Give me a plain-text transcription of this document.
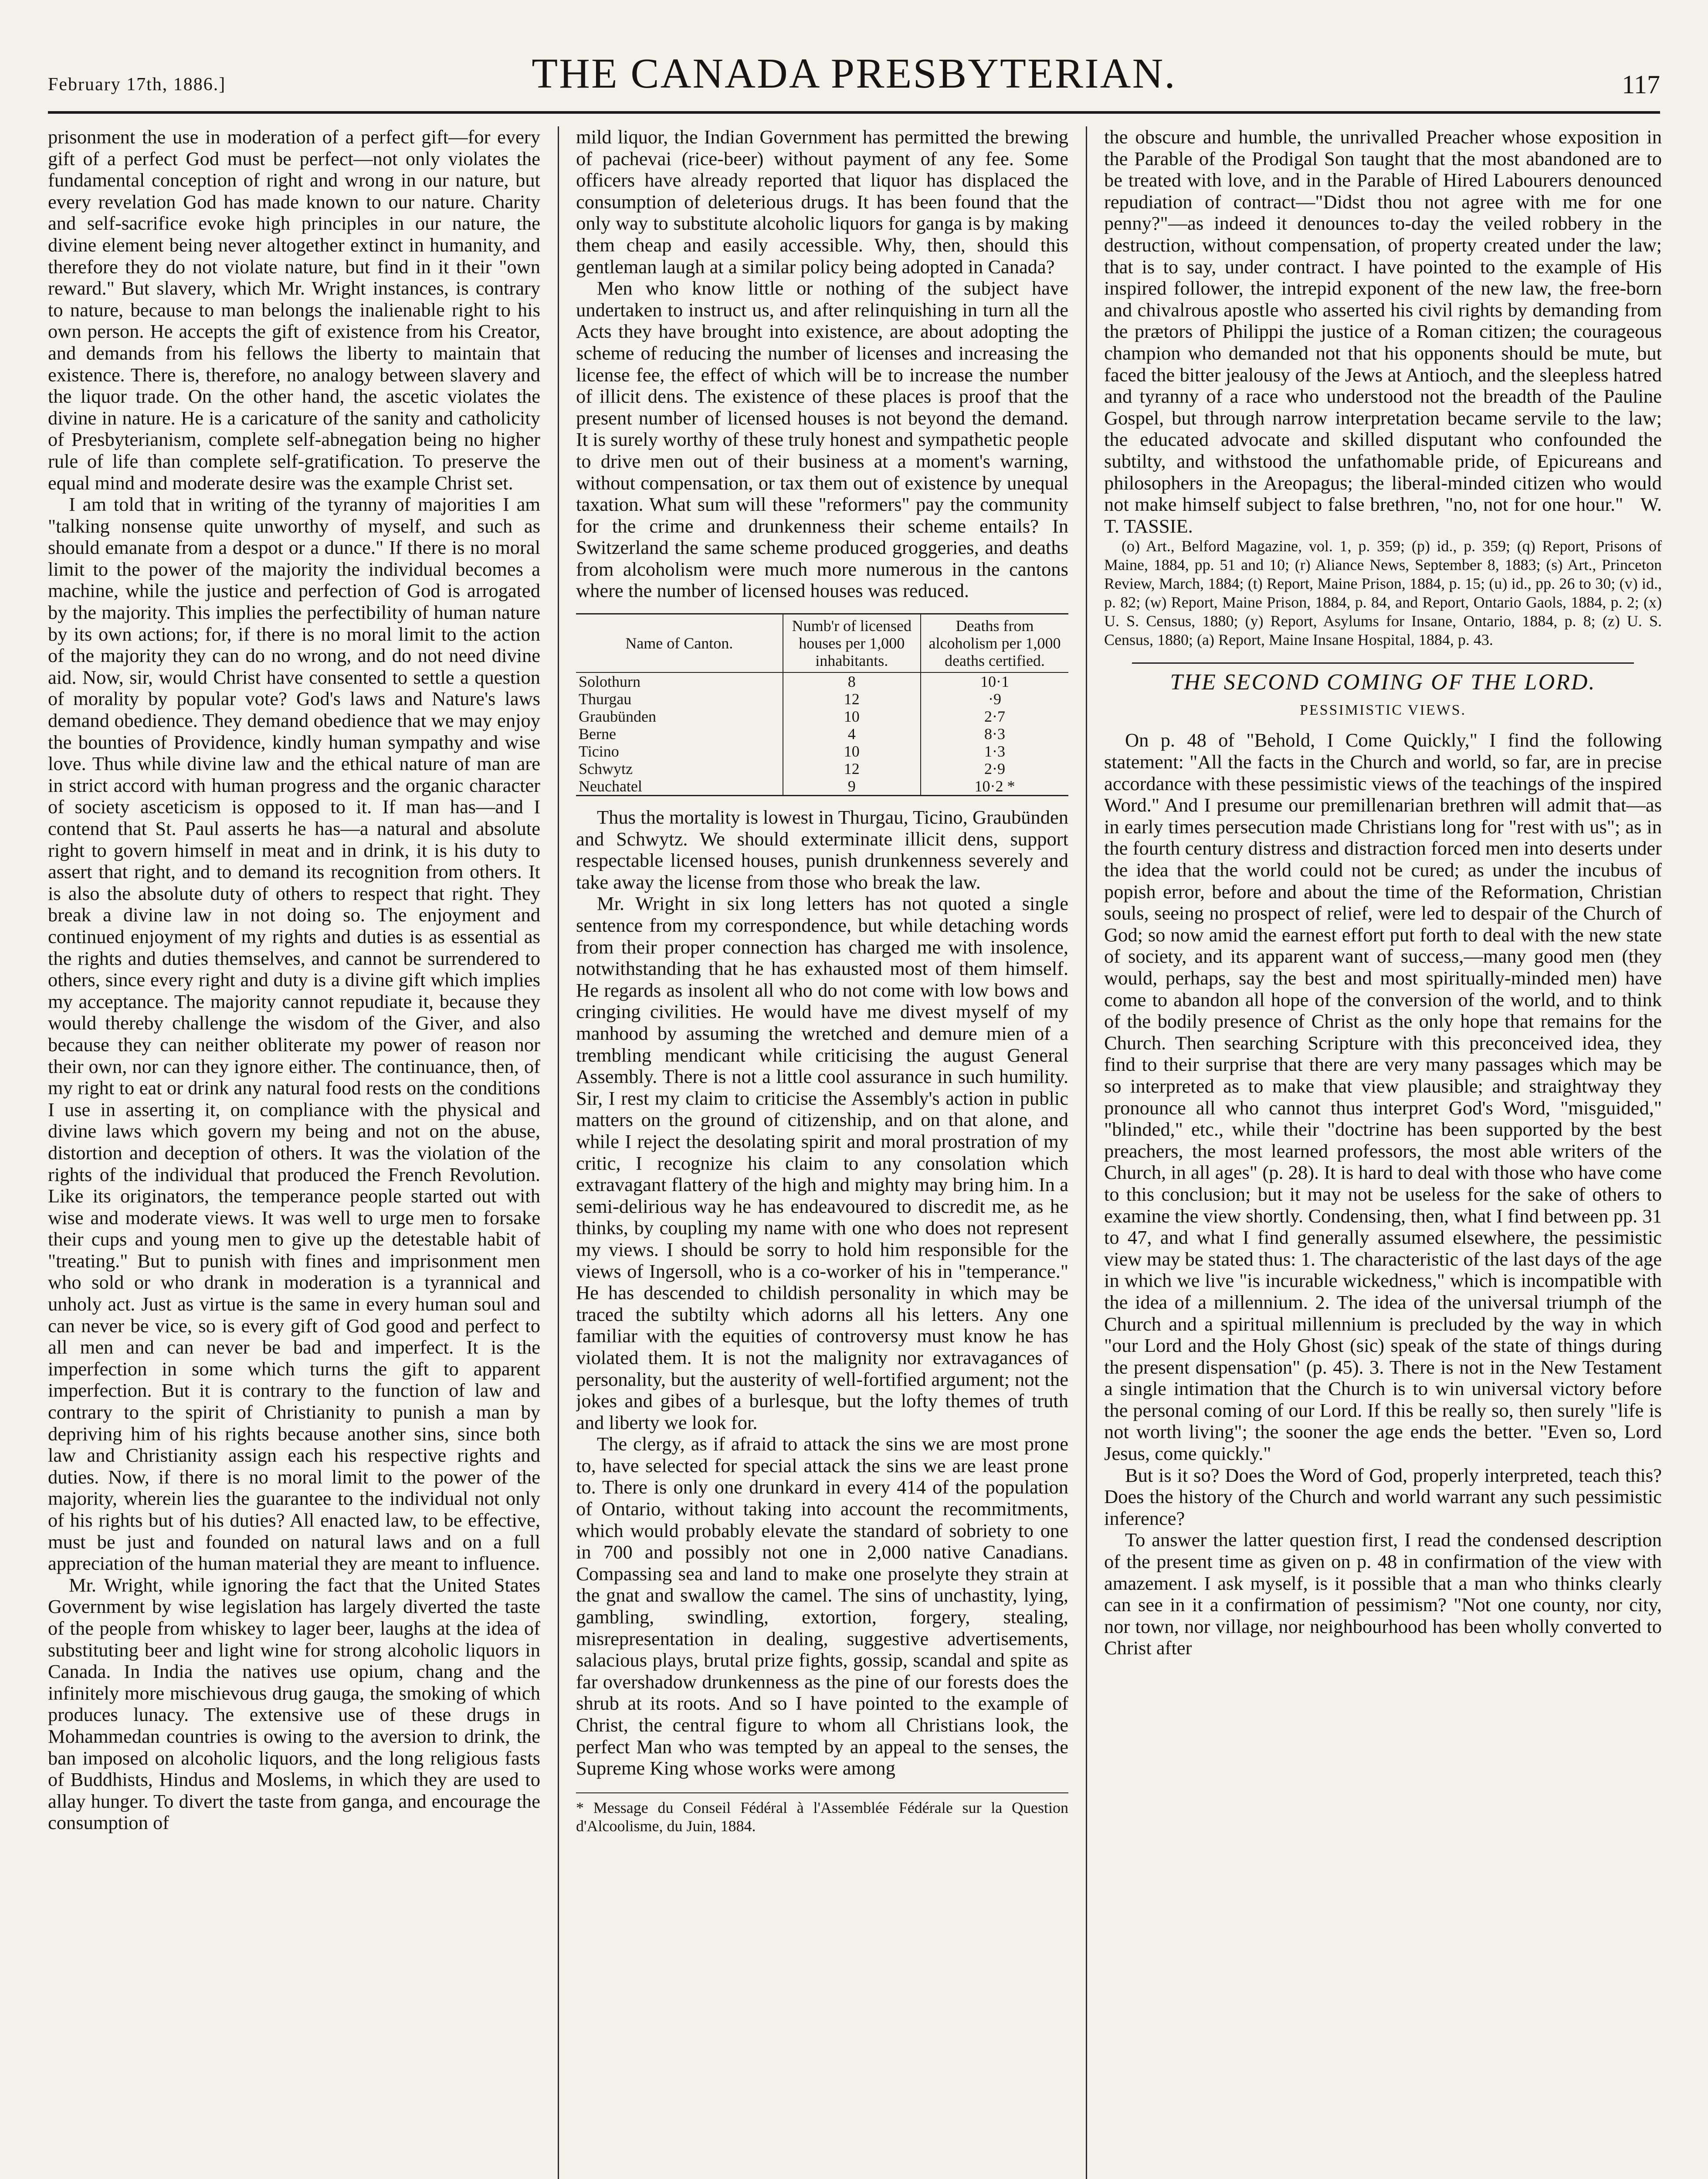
February 17th, 1886.]	THE CANADA PRESBYTERIAN.	117

prisonment the use in moderation of a perfect gift—for every gift of a perfect God must be perfect—not only violates the fundamental conception of right and wrong in our nature, but every revelation God has made known to our nature. Charity and self-sacrifice evoke high principles in our nature, the divine element being never altogether extinct in humanity, and therefore they do not violate nature, but find in it their "own reward." But slavery, which Mr. Wright instances, is contrary to nature, because to man belongs the inalienable right to his own person. He accepts the gift of existence from his Creator, and demands from his fellows the liberty to maintain that existence. There is, therefore, no analogy between slavery and the liquor trade. On the other hand, the ascetic violates the divine in nature. He is a caricature of the sanity and catholicity of Presbyterianism, complete self-abnegation being no higher rule of life than complete self-gratification. To preserve the equal mind and moderate desire was the example Christ set.

I am told that in writing of the tyranny of majorities I am "talking nonsense quite unworthy of myself, and such as should emanate from a despot or a dunce." If there is no moral limit to the power of the majority the individual becomes a machine, while the justice and perfection of God is arrogated by the majority. This implies the perfectibility of human nature by its own actions; for, if there is no moral limit to the action of the majority they can do no wrong, and do not need divine aid. Now, sir, would Christ have consented to settle a question of morality by popular vote? God's laws and Nature's laws demand obedience. They demand obedience that we may enjoy the bounties of Providence, kindly human sympathy and wise love. Thus while divine law and the ethical nature of man are in strict accord with human progress and the organic character of society asceticism is opposed to it. If man has—and I contend that St. Paul asserts he has—a natural and absolute right to govern himself in meat and in drink, it is his duty to assert that right, and to demand its recognition from others. It is also the absolute duty of others to respect that right. They break a divine law in not doing so. The enjoyment and continued enjoyment of my rights and duties is as essential as the rights and duties themselves, and cannot be surrendered to others, since every right and duty is a divine gift which implies my acceptance. The majority cannot repudiate it, because they would thereby challenge the wisdom of the Giver, and also because they can neither obliterate my power of reason nor their own, nor can they ignore either. The continuance, then, of my right to eat or drink any natural food rests on the conditions I use in asserting it, on compliance with the physical and divine laws which govern my being and not on the abuse, distortion and deception of others. It was the violation of the rights of the individual that produced the French Revolution. Like its originators, the temperance people started out with wise and moderate views. It was well to urge men to forsake their cups and young men to give up the detestable habit of "treating." But to punish with fines and imprisonment men who sold or who drank in moderation is a tyrannical and unholy act. Just as virtue is the same in every human soul and can never be vice, so is every gift of God good and perfect to all men and can never be bad and imperfect. It is the imperfection in some which turns the gift to apparent imperfection. But it is contrary to the function of law and contrary to the spirit of Christianity to punish a man by depriving him of his rights because another sins, since both law and Christianity assign each his respective rights and duties. Now, if there is no moral limit to the power of the majority, wherein lies the guarantee to the individual not only of his rights but of his duties? All enacted law, to be effective, must be just and founded on natural laws and on a full appreciation of the human material they are meant to influence.

Mr. Wright, while ignoring the fact that the United States Government by wise legislation has largely diverted the taste of the people from whiskey to lager beer, laughs at the idea of substituting beer and light wine for strong alcoholic liquors in Canada. In India the natives use opium, chang and the infinitely more mischievous drug gauga, the smoking of which produces lunacy. The extensive use of these drugs in Mohammedan countries is owing to the aversion to drink, the ban imposed on alcoholic liquors, and the long religious fasts of Buddhists, Hindus and Moslems, in which they are used to allay hunger. To divert the taste from ganga, and encourage the consumption of

mild liquor, the Indian Government has permitted the brewing of pachevai (rice-beer) without payment of any fee. Some officers have already reported that liquor has displaced the consumption of deleterious drugs. It has been found that the only way to substitute alcoholic liquors for ganga is by making them cheap and easily accessible. Why, then, should this gentleman laugh at a similar policy being adopted in Canada?

Men who know little or nothing of the subject have undertaken to instruct us, and after relinquishing in turn all the Acts they have brought into existence, are about adopting the scheme of reducing the number of licenses and increasing the license fee, the effect of which will be to increase the number of illicit dens. The existence of these places is proof that the present number of licensed houses is not beyond the demand. It is surely worthy of these truly honest and sympathetic people to drive men out of their business at a moment's warning, without compensation, or tax them out of existence by unequal taxation. What sum will these "reformers" pay the community for the crime and drunkenness their scheme entails? In Switzerland the same scheme produced groggeries, and deaths from alcoholism were much more numerous in the cantons where the number of licensed houses was reduced.

Name of Canton.	Numb'r of licensed houses per 1,000 inhabitants.	Deaths from alcoholism per 1,000 deaths certified.
Solothurn	8	10·1
Thurgau	12	·9
Graubünden	10	2·7
Berne	4	8·3
Ticino	10	1·3
Schwytz	12	2·9
Neuchatel	9	10·2 *

Thus the mortality is lowest in Thurgau, Ticino, Graubünden and Schwytz. We should exterminate illicit dens, support respectable licensed houses, punish drunkenness severely and take away the license from those who break the law.

Mr. Wright in six long letters has not quoted a single sentence from my correspondence, but while detaching words from their proper connection has charged me with insolence, notwithstanding that he has exhausted most of them himself. He regards as insolent all who do not come with low bows and cringing civilities. He would have me divest myself of my manhood by assuming the wretched and demure mien of a trembling mendicant while criticising the august General Assembly. There is not a little cool assurance in such humility. Sir, I rest my claim to criticise the Assembly's action in public matters on the ground of citizenship, and on that alone, and while I reject the desolating spirit and moral prostration of my critic, I recognize his claim to any consolation which extravagant flattery of the high and mighty may bring him. In a semi-delirious way he has endeavoured to discredit me, as he thinks, by coupling my name with one who does not represent my views. I should be sorry to hold him responsible for the views of Ingersoll, who is a co-worker of his in "temperance." He has descended to childish personality in which may be traced the subtilty which adorns all his letters. Any one familiar with the equities of controversy must know he has violated them. It is not the malignity nor extravagances of personality, but the austerity of well-fortified argument; not the jokes and gibes of a burlesque, but the lofty themes of truth and liberty we look for.

The clergy, as if afraid to attack the sins we are most prone to, have selected for special attack the sins we are least prone to. There is only one drunkard in every 414 of the population of Ontario, without taking into account the recommitments, which would probably elevate the standard of sobriety to one in 700 and possibly not one in 2,000 native Canadians. Compassing sea and land to make one proselyte they strain at the gnat and swallow the camel. The sins of unchastity, lying, gambling, swindling, extortion, forgery, stealing, misrepresentation in dealing, suggestive advertisements, salacious plays, brutal prize fights, gossip, scandal and spite as far overshadow drunkenness as the pine of our forests does the shrub at its roots. And so I have pointed to the example of Christ, the central figure to whom all Christians look, the perfect Man who was tempted by an appeal to the senses, the Supreme King whose works were among

* Message du Conseil Fédéral à l'Assemblée Fédérale sur la Question d'Alcoolisme, du Juin, 1884.

the obscure and humble, the unrivalled Preacher whose exposition in the Parable of the Prodigal Son taught that the most abandoned are to be treated with love, and in the Parable of Hired Labourers denounced repudiation of contract—"Didst thou not agree with me for one penny?"—as indeed it denounces to-day the veiled robbery in the destruction, without compensation, of property created under the law; that is to say, under contract. I have pointed to the example of His inspired follower, the intrepid exponent of the new law, the free-born and chivalrous apostle who asserted his civil rights by demanding from the prætors of Philippi the justice of a Roman citizen; the courageous champion who demanded not that his opponents should be mute, but faced the bitter jealousy of the Jews at Antioch, and the sleepless hatred and tyranny of a race who understood not the breadth of the Pauline Gospel, but through narrow interpretation became servile to the law; the educated advocate and skilled disputant who confounded the subtilty, and withstood the unfathomable pride, of Epicureans and philosophers in the Areopagus; the liberal-minded citizen who would not make himself subject to false brethren, "no, not for one hour." W. T. TASSIE.

(o) Art., Belford Magazine, vol. 1, p. 359; (p) id., p. 359; (q) Report, Prisons of Maine, 1884, pp. 51 and 10; (r) Aliance News, September 8, 1883; (s) Art., Princeton Review, March, 1884; (t) Report, Maine Prison, 1884, p. 15; (u) id., pp. 26 to 30; (v) id., p. 82; (w) Report, Maine Prison, 1884, p. 84, and Report, Ontario Gaols, 1884, p. 2; (x) U. S. Census, 1880; (y) Report, Asylums for Insane, Ontario, 1884, p. 8; (z) U. S. Census, 1880; (a) Report, Maine Insane Hospital, 1884, p. 43.

THE SECOND COMING OF THE LORD.
PESSIMISTIC VIEWS.

On p. 48 of "Behold, I Come Quickly," I find the following statement: "All the facts in the Church and world, so far, are in precise accordance with these pessimistic views of the teachings of the inspired Word." And I presume our premillenarian brethren will admit that—as in early times persecution made Christians long for "rest with us"; as in the fourth century distress and distraction forced men into deserts under the idea that the world could not be cured; as under the incubus of popish error, before and about the time of the Reformation, Christian souls, seeing no prospect of relief, were led to despair of the Church of God; so now amid the earnest effort put forth to deal with the new state of society, and its apparent want of success,—many good men (they would, perhaps, say the best and most spiritually-minded men) have come to abandon all hope of the conversion of the world, and to think of the bodily presence of Christ as the only hope that remains for the Church. Then searching Scripture with this preconceived idea, they find to their surprise that there are very many passages which may be so interpreted as to make that view plausible; and straightway they pronounce all who cannot thus interpret God's Word, "misguided," "blinded," etc., while their "doctrine has been supported by the best preachers, the most learned professors, the most able writers of the Church, in all ages" (p. 28). It is hard to deal with those who have come to this conclusion; but it may not be useless for the sake of others to examine the view shortly. Condensing, then, what I find between pp. 31 to 47, and what I find generally assumed elsewhere, the pessimistic view may be stated thus: 1. The characteristic of the last days of the age in which we live "is incurable wickedness," which is incompatible with the idea of a millennium. 2. The idea of the universal triumph of the Church and a spiritual millennium is precluded by the way in which "our Lord and the Holy Ghost (sic) speak of the state of things during the present dispensation" (p. 45). 3. There is not in the New Testament a single intimation that the Church is to win universal victory before the personal coming of our Lord. If this be really so, then surely "life is not worth living"; the sooner the age ends the better. "Even so, Lord Jesus, come quickly."

But is it so? Does the Word of God, properly interpreted, teach this? Does the history of the Church and world warrant any such pessimistic inference?

To answer the latter question first, I read the condensed description of the present time as given on p. 48 in confirmation of the view with amazement. I ask myself, is it possible that a man who thinks clearly can see in it a confirmation of pessimism? "Not one county, nor city, nor town, nor village, nor neighbourhood has been wholly converted to Christ after
